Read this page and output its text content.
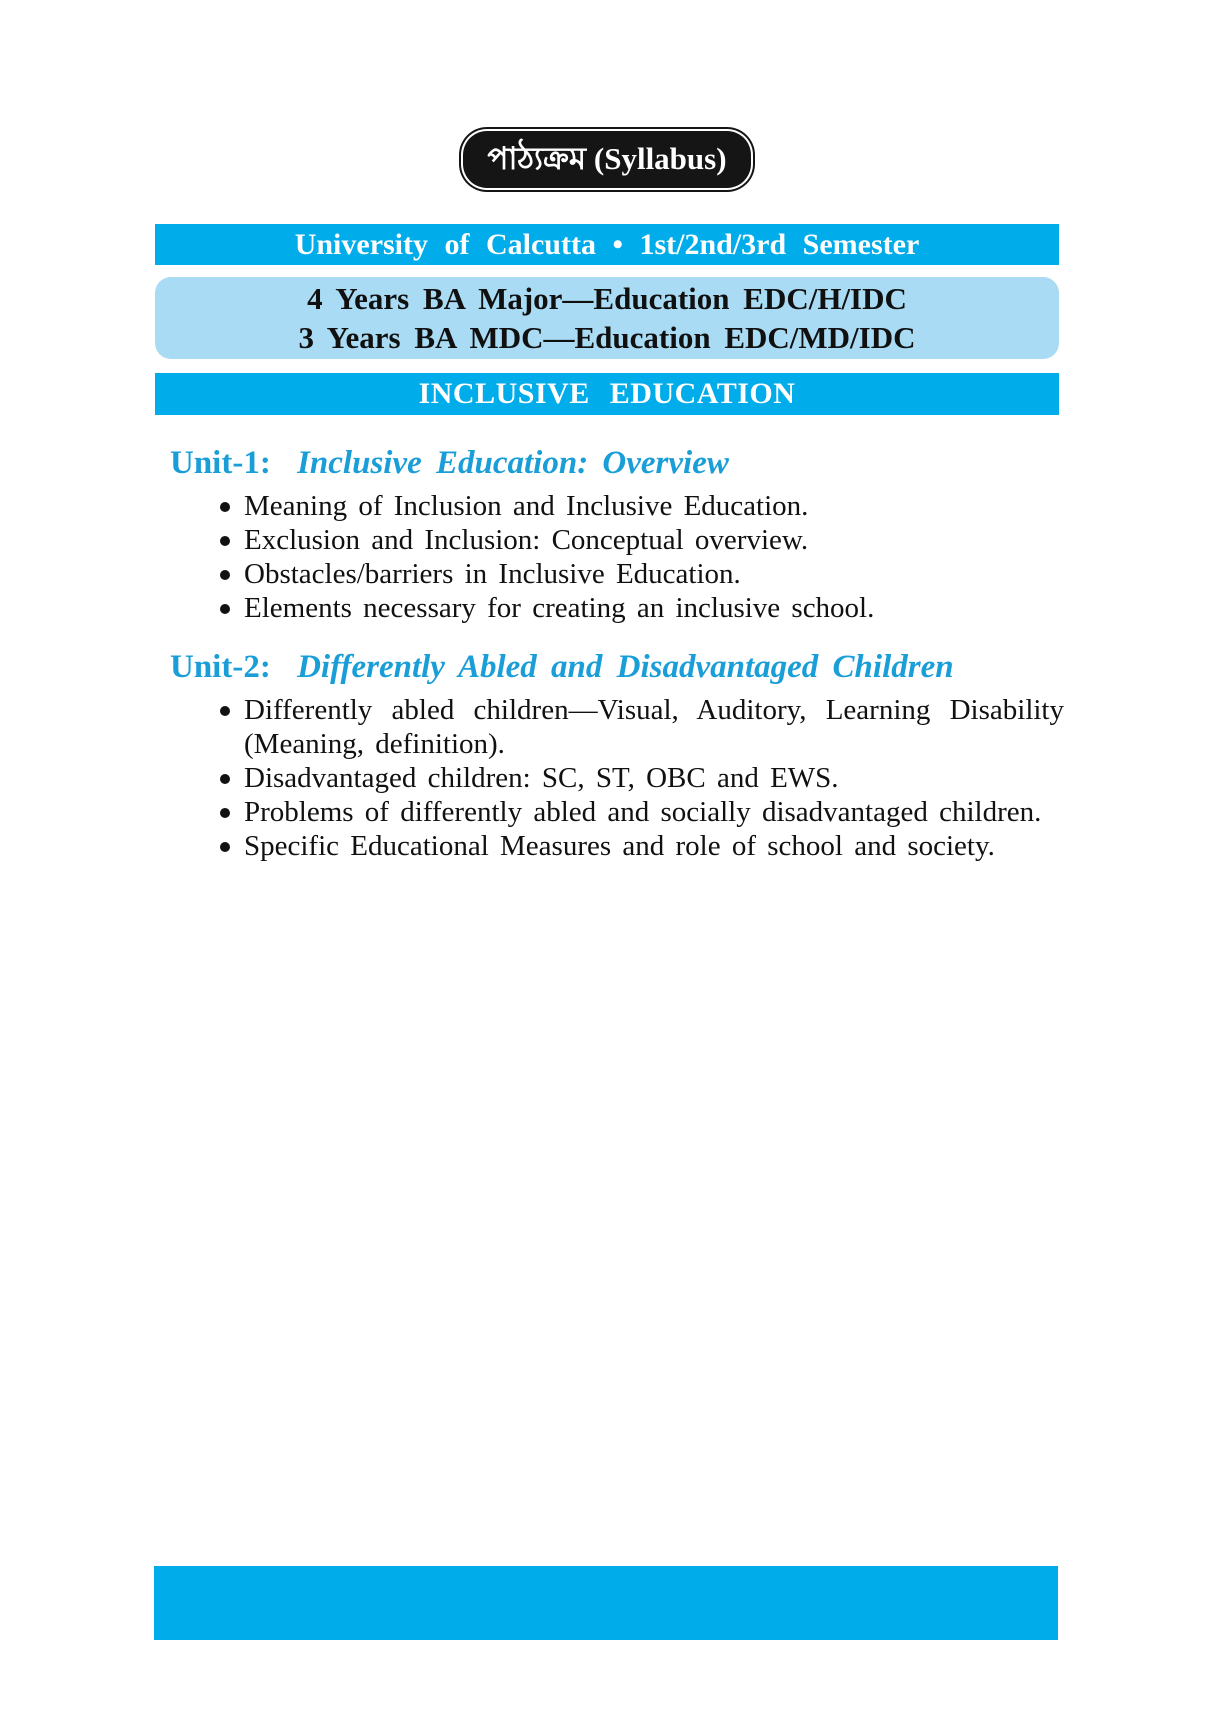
পাঠ্যক্রম (Syllabus)
University of Calcutta • 1st/2nd/3rd Semester
4 Years BA Major—Education EDC/H/IDC
3 Years BA MDC—Education EDC/MD/IDC
INCLUSIVE EDUCATION
Unit-1: Inclusive Education: Overview
Meaning of Inclusion and Inclusive Education.
Exclusion and Inclusion: Conceptual overview.
Obstacles/barriers in Inclusive Education.
Elements necessary for creating an inclusive school.
Unit-2: Differently Abled and Disadvantaged Children
Differently abled children—Visual, Auditory, Learning Disability (Meaning, definition).
Disadvantaged children: SC, ST, OBC and EWS.
Problems of differently abled and socially disadvantaged children.
Specific Educational Measures and role of school and society.
